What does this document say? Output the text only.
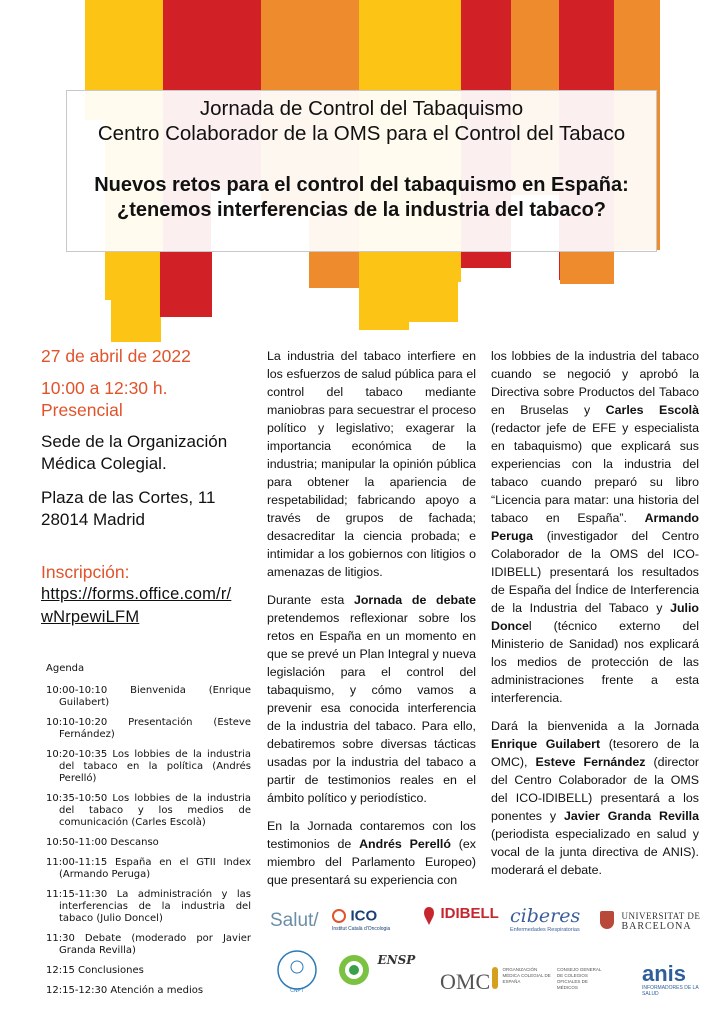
Jornada de Control del Tabaquismo
Centro Colaborador de la OMS para el Control del Tabaco
Nuevos retos para el control del tabaquismo en España:
¿tenemos interferencias de la industria del tabaco?
27 de abril de 2022
10:00 a 12:30 h.
Presencial
Sede de la Organización
Médica Colegial.
Plaza de las Cortes, 11
28014 Madrid
Inscripción:
https://forms.office.com/r/
wNrpewiLFM
Agenda
10:00-10:10 Bienvenida (Enrique Guilabert)
10:10-10:20 Presentación (Esteve Fernández)
10:20-10:35 Los lobbies de la industria del tabaco en la política (Andrés Perelló)
10:35-10:50 Los lobbies de la industria del tabaco y los medios de comunicación (Carles Escolà)
10:50-11:00 Descanso
11:00-11:15 España en el GTII Index (Armando Peruga)
11:15-11:30 La administración y las interferencias de la industria del tabaco (Julio Doncel)
11:30 Debate (moderado por Javier Granda Revilla)
12:15 Conclusiones
12:15-12:30 Atención a medios

La industria del tabaco interfiere en los esfuerzos de salud pública para el control del tabaco mediante maniobras para secuestrar el proceso político y legislativo; exagerar la importancia económica de la industria; manipular la opinión pública para obtener la apariencia de respetabilidad; fabricando apoyo a través de grupos de fachada; desacreditar la ciencia probada; e intimidar a los gobiernos con litigios o amenazas de litigios.

Durante esta Jornada de debate pretendemos reflexionar sobre los retos en España en un momento en que se prevé un Plan Integral y nueva legislación para el control del tabaquismo, y cómo vamos a prevenir esa conocida interferencia de la industria del tabaco. Para ello, debatiremos sobre diversas tácticas usadas por la industria del tabaco a partir de testimonios reales en el ámbito político y periodístico.

En la Jornada contaremos con los testimonios de Andrés Perelló (ex miembro del Parlamento Europeo) que presentará su experiencia con

los lobbies de la industria del tabaco cuando se negoció y aprobó la Directiva sobre Productos del Tabaco en Bruselas y Carles Escolà (redactor jefe de EFE y especialista en tabaquismo) que explicará sus experiencias con la industria del tabaco cuando preparó su libro “Licencia para matar: una historia del tabaco en España”. Armando Peruga (investigador del Centro Colaborador de la OMS del ICO-IDIBELL) presentará los resultados de España del Índice de Interferencia de la Industria del Tabaco y Julio Doncel (técnico externo del Ministerio de Sanidad) nos explicará los medios de protección de las administraciones frente a esta interferencia.

Dará la bienvenida a la Jornada Enrique Guilabert (tesorero de la OMC), Esteve Fernández (director del Centro Colaborador de la OMS del ICO-IDIBELL) presentará a los ponentes y Javier Granda Revilla (periodista especializado en salud y vocal de la junta directiva de ANIS). moderará el debate.

Salut/	ICO
Institut Català d'Oncologia
IDIBELL ciberes
Enfermedades Respiratorias

UNIVERSITAT DE
BARCELONA
CNPT
$^{ENSP}$
OMC	ORGANIZACIÓN MÉDICA COLEGIAL DE ESPAÑA CONSEJO GENERAL DE COLEGIOS OFICIALES DE MÉDICOS
anis
INFORMADORES DE LA SALUD
